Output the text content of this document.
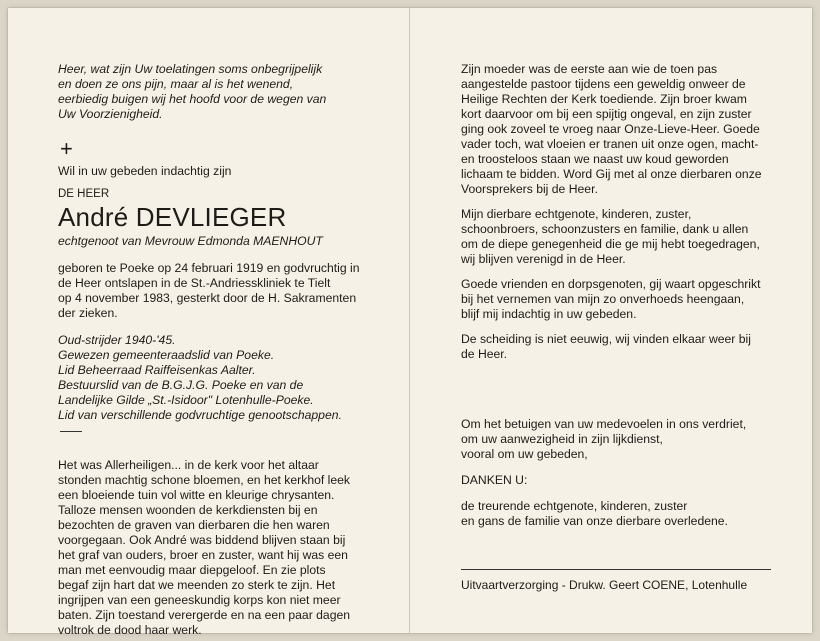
Heer, wat zijn Uw toelatingen soms onbegrijpelijk
en doen ze ons pijn, maar al is het wenend,
eerbiedig buigen wij het hoofd voor de wegen van
Uw Voorzienigheid.
+
Wil in uw gebeden indachtig zijn
DE HEER
André DEVLIEGER
echtgenoot van Mevrouw Edmonda MAENHOUT
geboren te Poeke op 24 februari 1919 en godvruchtig in
de Heer ontslapen in de St.-Andriesskliniek te Tielt
op 4 november 1983, gesterkt door de H. Sakramenten
der zieken.
Oud-strijder 1940-'45.
Gewezen gemeenteraadslid van Poeke.
Lid Beheerraad Raiffeisenkas Aalter.
Bestuurslid van de B.G.J.G. Poeke en van de
Landelijke Gilde „St.-Isidoor" Lotenhulle-Poeke.
Lid van verschillende godvruchtige genootschappen.
Het was Allerheiligen... in de kerk voor het altaar
stonden machtig schone bloemen, en het kerkhof leek
een bloeiende tuin vol witte en kleurige chrysanten.
Talloze mensen woonden de kerkdiensten bij en
bezochten de graven van dierbaren die hen waren
voorgegaan. Ook André was biddend blijven staan bij
het graf van ouders, broer en zuster, want hij was een
man met eenvoudig maar diepgeloof. En zie plots
begaf zijn hart dat we meenden zo sterk te zijn. Het
ingrijpen van een geneeskundig korps kon niet meer
baten. Zijn toestand verergerde en na een paar dagen
voltrok de dood haar werk.
Zijn moeder was de eerste aan wie de toen pas
aangestelde pastoor tijdens een geweldig onweer de
Heilige Rechten der Kerk toediende. Zijn broer kwam
kort daarvoor om bij een spijtig ongeval, en zijn zuster
ging ook zoveel te vroeg naar Onze-Lieve-Heer. Goede
vader toch, wat vloeien er tranen uit onze ogen, macht-
en troosteloos staan we naast uw koud geworden
lichaam te bidden. Word Gij met al onze dierbaren onze
Voorsprekers bij de Heer.
Mijn dierbare echtgenote, kinderen, zuster,
schoonbroers, schoonzusters en familie, dank u allen
om de diepe genegenheid die ge mij hebt toegedragen,
wij blijven verenigd in de Heer.
Goede vrienden en dorpsgenoten, gij waart opgeschrikt
bij het vernemen van mijn zo onverhoeds heengaan,
blijf mij indachtig in uw gebeden.
De scheiding is niet eeuwig, wij vinden elkaar weer bij
de Heer.
Om het betuigen van uw medevoelen in ons verdriet,
om uw aanwezigheid in zijn lijkdienst,
vooral om uw gebeden,
DANKEN U:
de treurende echtgenote, kinderen, zuster
en gans de familie van onze dierbare overledene.
Uitvaartverzorging - Drukw. Geert COENE, Lotenhulle
